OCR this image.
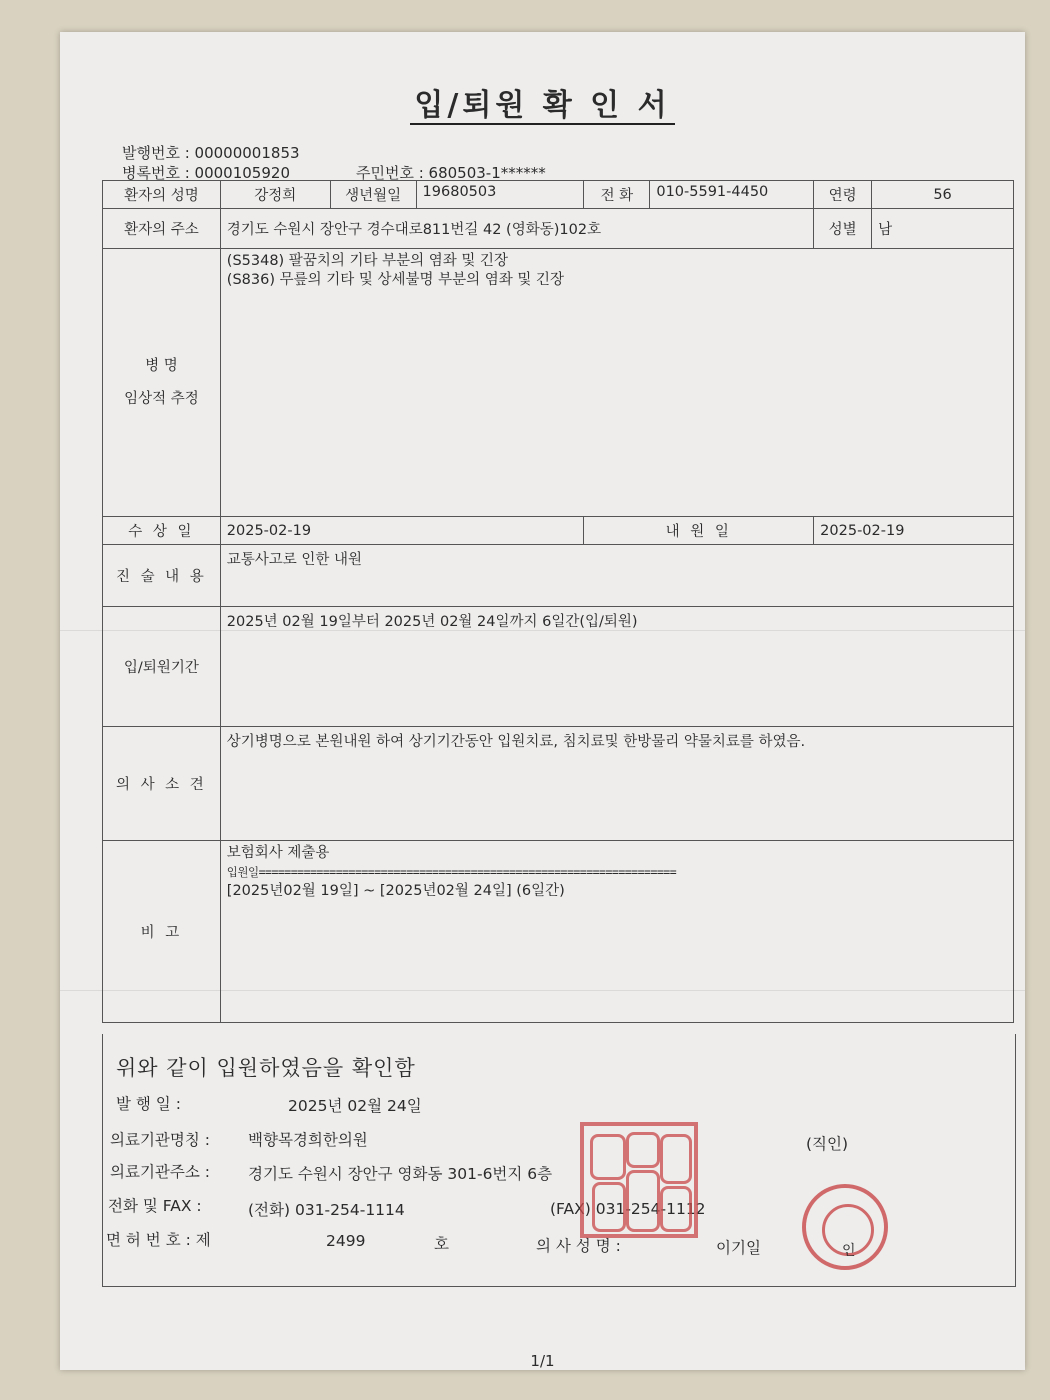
입/퇴원 확 인 서
발행번호 : 00000001853
병록번호 : 0000105920	주민번호 : 680503-1******
환자의 성명	강정희	생년월일	19680503	전 화	010-5591-4450	연령	56
환자의 주소	경기도 수원시 장안구 경수대로811번길 42 (영화동)102호					성별	남

병 명
임상적 추정	(S5348) 팔꿈치의 기타 부분의 염좌 및 긴장
(S836) 무릎의 기타 및 상세불명 부분의 염좌 및 긴장						

수 상 일	2025-02-19			내 원 일		2025-02-19	
진 술 내 용	교통사고로 인한 내원						
입/퇴원기간	2025년 02월 19일부터 2025년 02월 24일까지 6일간(입/퇴원)						
의 사 소 견	상기병명으로 본원내원 하여 상기기간동안 입원치료, 침치료및 한방물리 약물치료를 하였음.						
비 고	보험회사 제출용
입원일=================================================================
[2025년02월 19일] ~ [2025년02월 24일] (6일간)						
위와 같이 입원하였음을 확인함
발 행 일 :	2025년 02월 24일
의료기관명칭 : 백향목경희한의원	(직인)
의료기관주소 : 경기도 수원시 장안구 영화동 301-6번지 6층
전화 및 FAX :	(전화) 031-254-1114	(FAX) 031-254-1112
면 허 번 호 : 제	2499	호	의 사 성 명 :	이기일	인
1/1
